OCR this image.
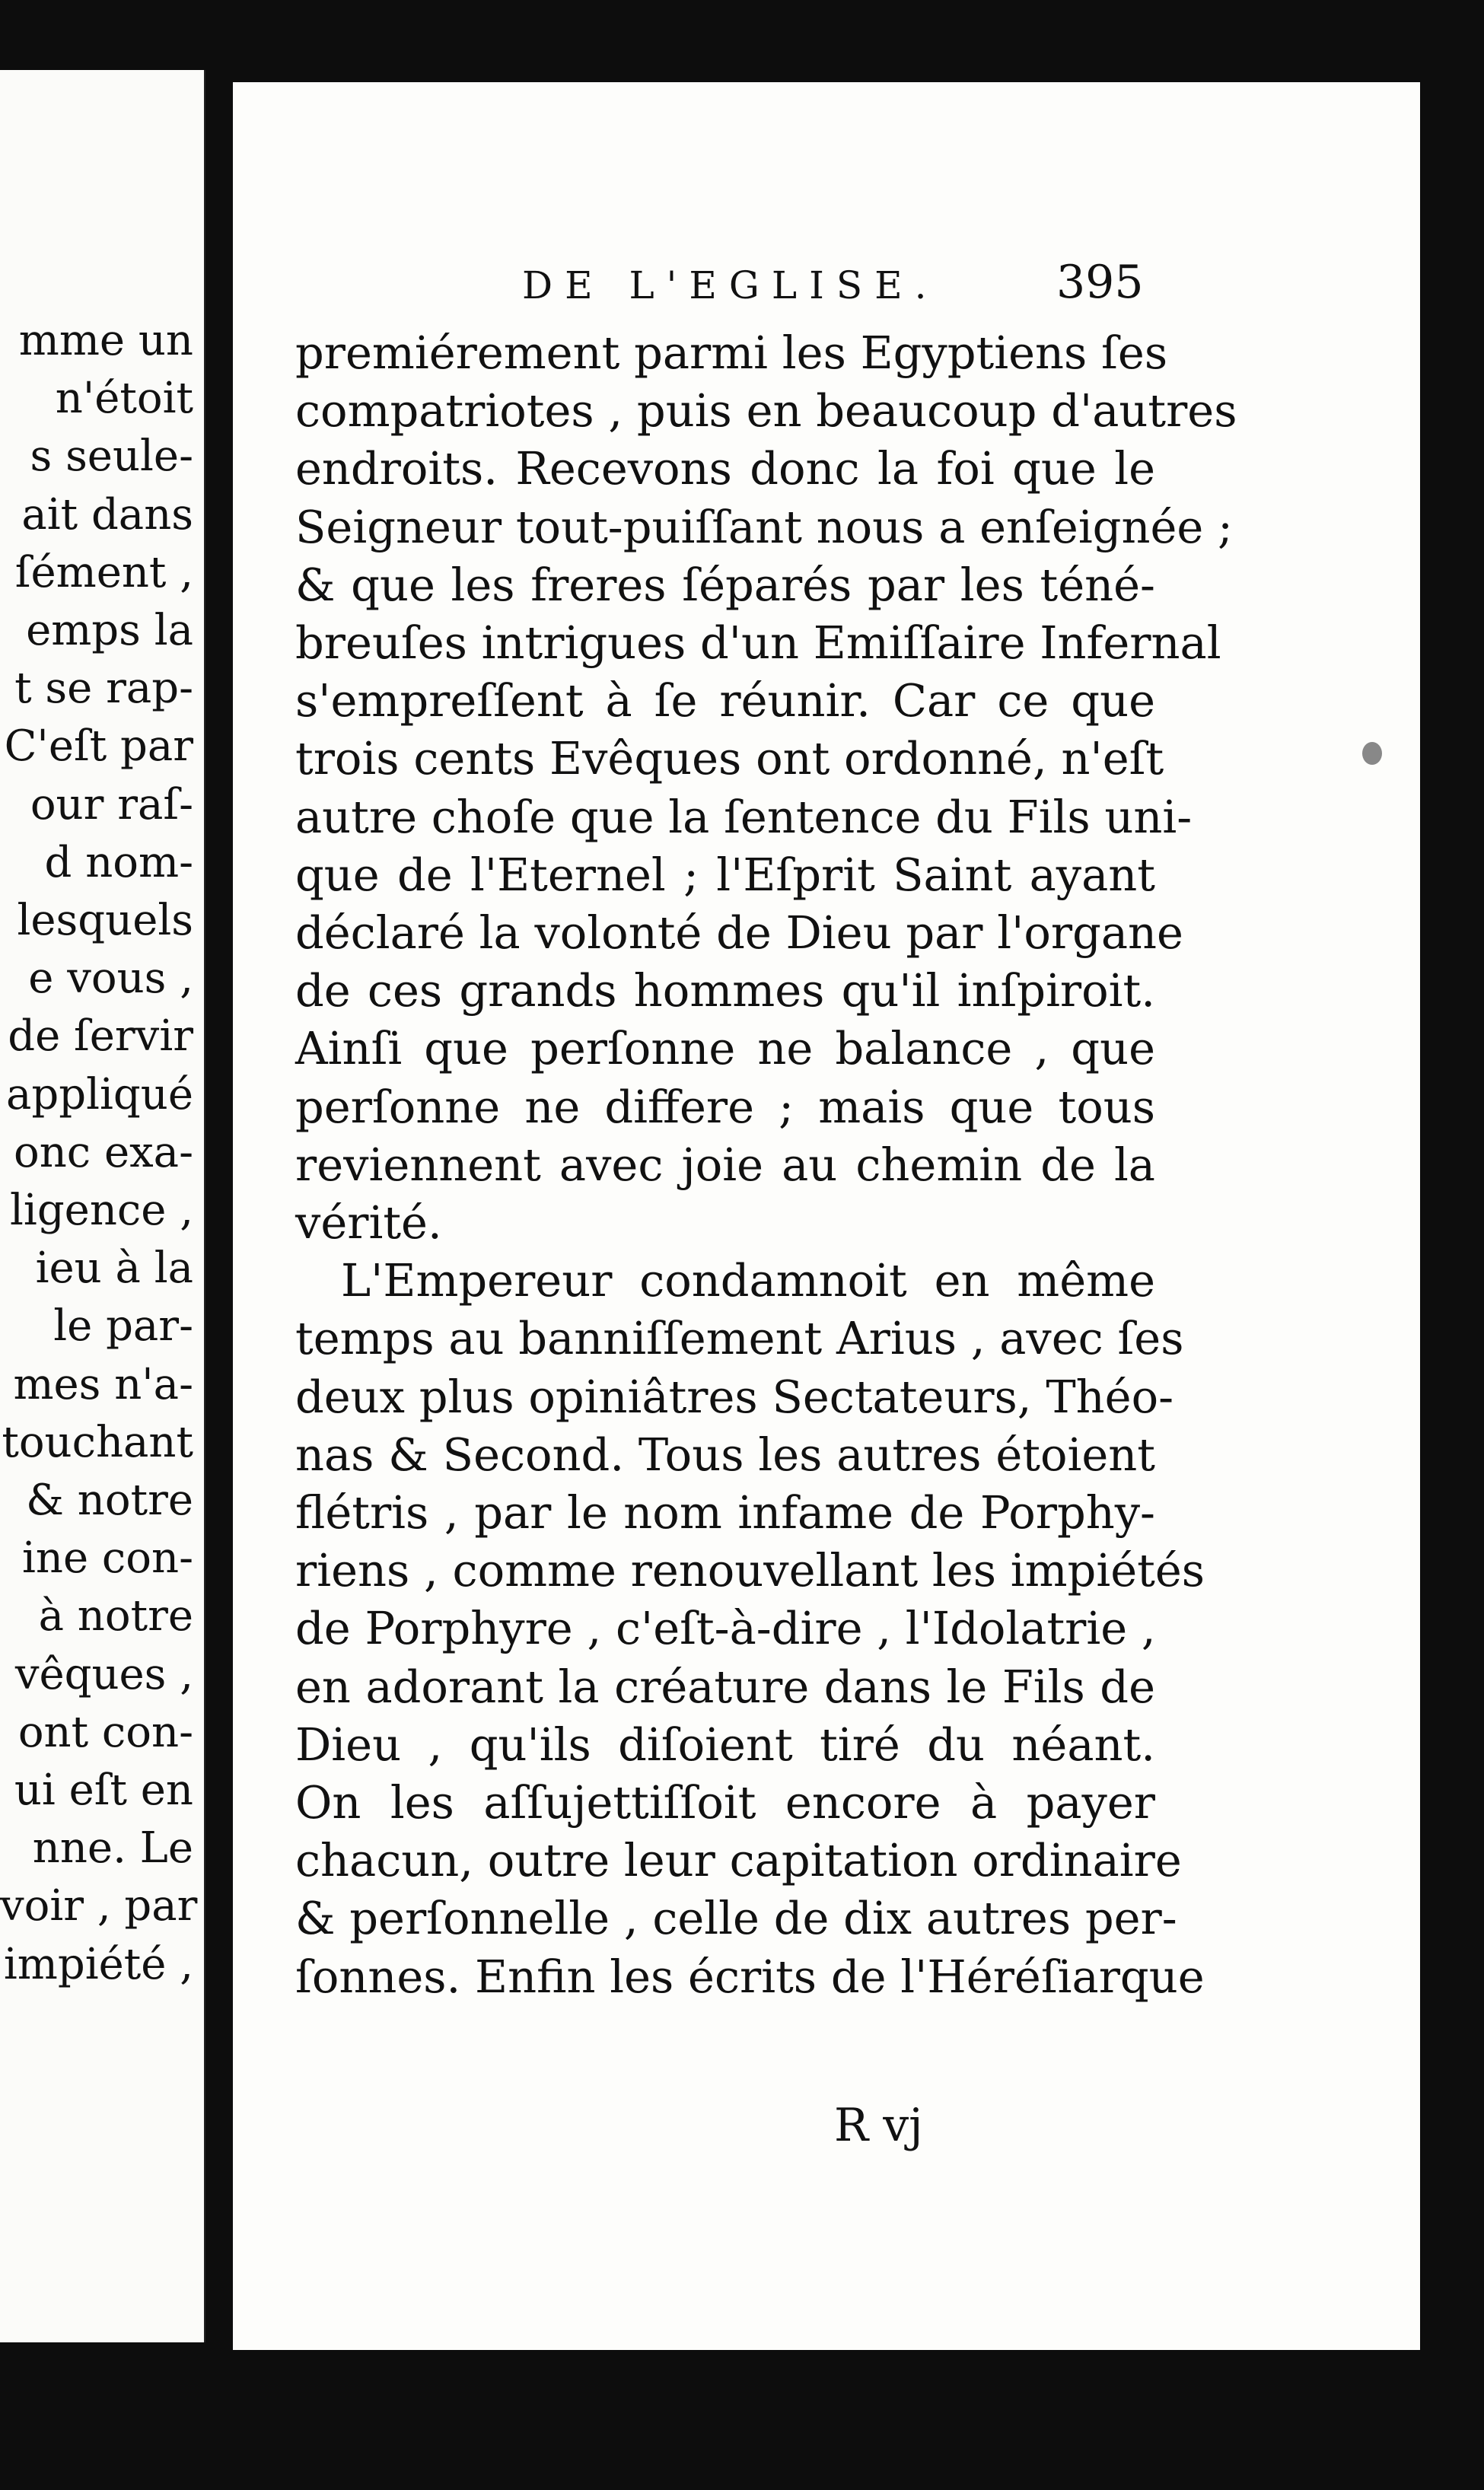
mme un
n'étoit
s seule-
ait dans
ſément ,
emps la
t se rap-
C'eſt par
our raſ-
d nom-
lesquels
e vous ,
de ſervir
appliqué
onc exa-
ligence ,
ieu à la
le par-
mes n'a-
touchant
& notre
ine con-
à notre
vêques ,
ont con-
ui eſt en
nne. Le
voir , par
impiété ,
DE L'EGLISE.	395
R vj
premiérement parmi les Egyptiens ſes
compatriotes , puis en beaucoup d'autres
endroits. Recevons donc la foi que le
Seigneur tout-puiſſant nous a enſeignée ;
& que les freres ſéparés par les téné-
breuſes intrigues d'un Emiſſaire Infernal
s'empreſſent à ſe réunir. Car ce que
trois cents Evêques ont ordonné, n'eſt
autre choſe que la ſentence du Fils uni-
que de l'Eternel ; l'Eſprit Saint ayant
déclaré la volonté de Dieu par l'organe
de ces grands hommes qu'il inſpiroit.
Ainſi que perſonne ne balance , que
perſonne ne differe ; mais que tous
reviennent avec joie au chemin de la
vérité.
L'Empereur condamnoit en même
temps au banniſſement Arius , avec ſes
deux plus opiniâtres Sectateurs, Théo-
nas & Second. Tous les autres étoient
flétris , par le nom infame de Porphy-
riens , comme renouvellant les impiétés
de Porphyre , c'eſt-à-dire , l'Idolatrie ,
en adorant la créature dans le Fils de
Dieu , qu'ils diſoient tiré du néant.
On les aſſujettiſſoit encore à payer
chacun, outre leur capitation ordinaire
& perſonnelle , celle de dix autres per-
ſonnes. Enfin les écrits de l'Héréſiarque
